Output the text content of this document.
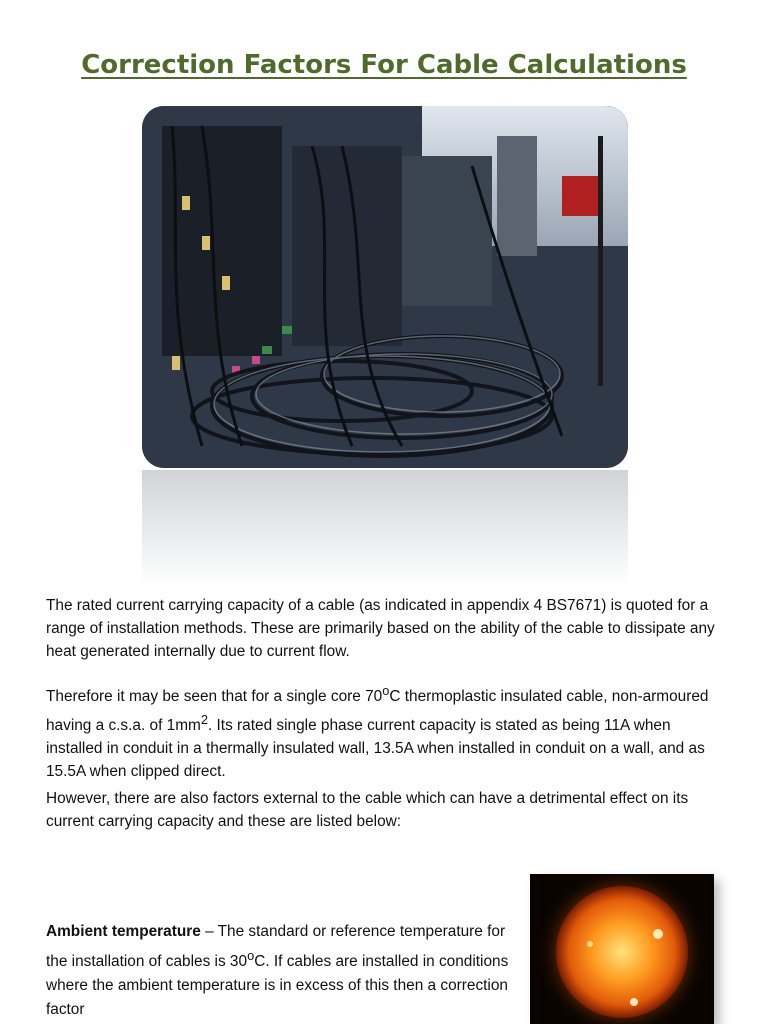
Correction Factors For Cable Calculations

The rated current carrying capacity of a cable (as indicated in appendix 4 BS7671) is quoted for a range of installation methods. These are primarily based on the ability of the cable to dissipate any heat generated internally due to current flow.

Therefore it may be seen that for a single core 70$^o$C thermoplastic insulated cable, non-armoured having a c.s.a. of $1mm^2$. Its rated single phase current capacity is stated as being 11A when installed in conduit in a thermally insulated wall, 13.5A when installed in conduit on a wall, and as 15.5A when clipped direct.

However, there are also factors external to the cable which can have a detrimental effect on its current carrying capacity and these are listed below:

Ambient temperature – The standard or reference temperature for the installation of cables is 30$^o$C. If cables are installed in conditions where the ambient temperature is in excess of this then a correction factor
